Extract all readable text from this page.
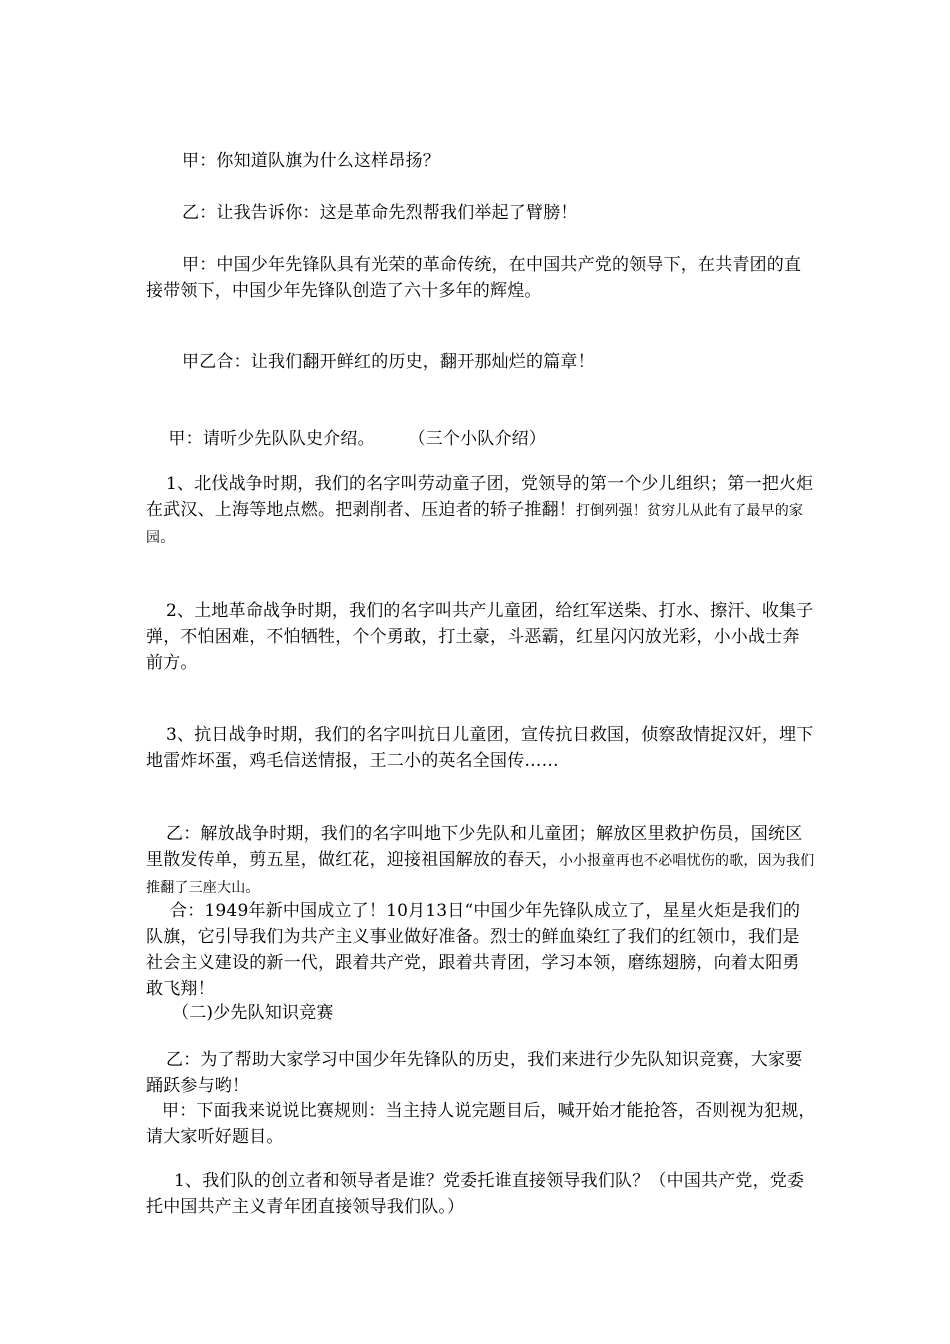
甲：你知道队旗为什么这样昂扬？

乙：让我告诉你：这是革命先烈帮我们举起了臂膀！

甲：中国少年先锋队具有光荣的革命传统，在中国共产党的领导下，在共青团的直接带领下，中国少年先锋队创造了六十多年的辉煌。

甲乙合：让我们翻开鲜红的历史，翻开那灿烂的篇章！

甲：请听少先队队史介绍。      （三个小队介绍）

1、北伐战争时期，我们的名字叫劳动童子团，党领导的第一个少儿组织；第一把火炬在武汉、上海等地点燃。把剥削者、压迫者的轿子推翻！打倒列强！贫穷儿从此有了最早的家园。

2、土地革命战争时期，我们的名字叫共产儿童团，给红军送柴、打水、擦汗、收集子弹，不怕困难，不怕牺牲，个个勇敢，打土豪，斗恶霸，红星闪闪放光彩，小小战士奔前方。

3、抗日战争时期，我们的名字叫抗日儿童团，宣传抗日救国，侦察敌情捉汉奸，埋下地雷炸坏蛋，鸡毛信送情报，王二小的英名全国传……

乙：解放战争时期，我们的名字叫地下少先队和儿童团；解放区里救护伤员，国统区里散发传单，剪五星，做红花，迎接祖国解放的春天，小小报童再也不必唱忧伤的歌，因为我们推翻了三座大山。

合：1949年新中国成立了！10月13日“中国少年先锋队成立了，星星火炬是我们的队旗，它引导我们为共产主义事业做好准备。烈士的鲜血染红了我们的红领巾，我们是社会主义建设的新一代，跟着共产党，跟着共青团，学习本领，磨练翅膀，向着太阳勇敢飞翔！

（二)少先队知识竞赛

乙：为了帮助大家学习中国少年先锋队的历史，我们来进行少先队知识竞赛，大家要踊跃参与哟！

甲：下面我来说说比赛规则：当主持人说完题目后，喊开始才能抢答，否则视为犯规，请大家听好题目。

1、我们队的创立者和领导者是谁？党委托谁直接领导我们队？（中国共产党，党委托中国共产主义青年团直接领导我们队。）
